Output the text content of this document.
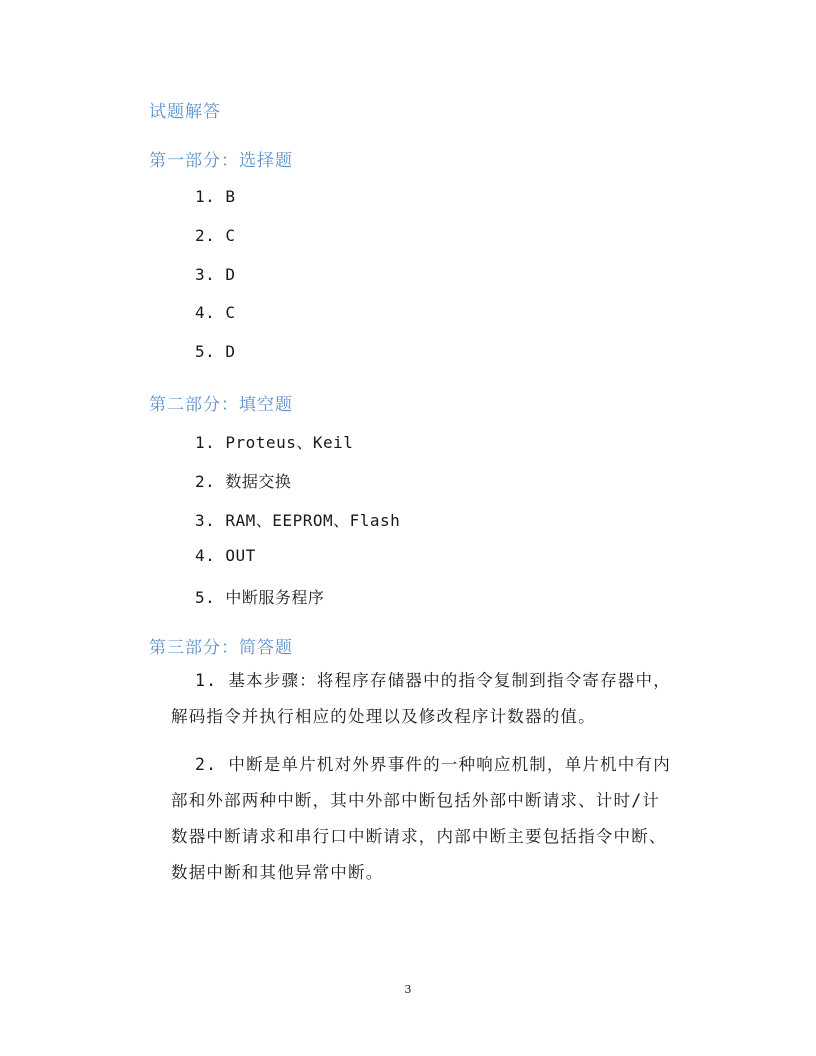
试题解答
第一部分：选择题
1. B
2. C
3. D
4. C
5. D
第二部分：填空题
1. Proteus、Keil
2. 数据交换
3. RAM、EEPROM、Flash
4. OUT
5. 中断服务程序
第三部分：简答题
1. 基本步骤：将程序存储器中的指令复制到指令寄存器中，解码指令并执行相应的处理以及修改程序计数器的值。
2. 中断是单片机对外界事件的一种响应机制，单片机中有内部和外部两种中断，其中外部中断包括外部中断请求、计时/计数器中断请求和串行口中断请求，内部中断主要包括指令中断、数据中断和其他异常中断。
3
